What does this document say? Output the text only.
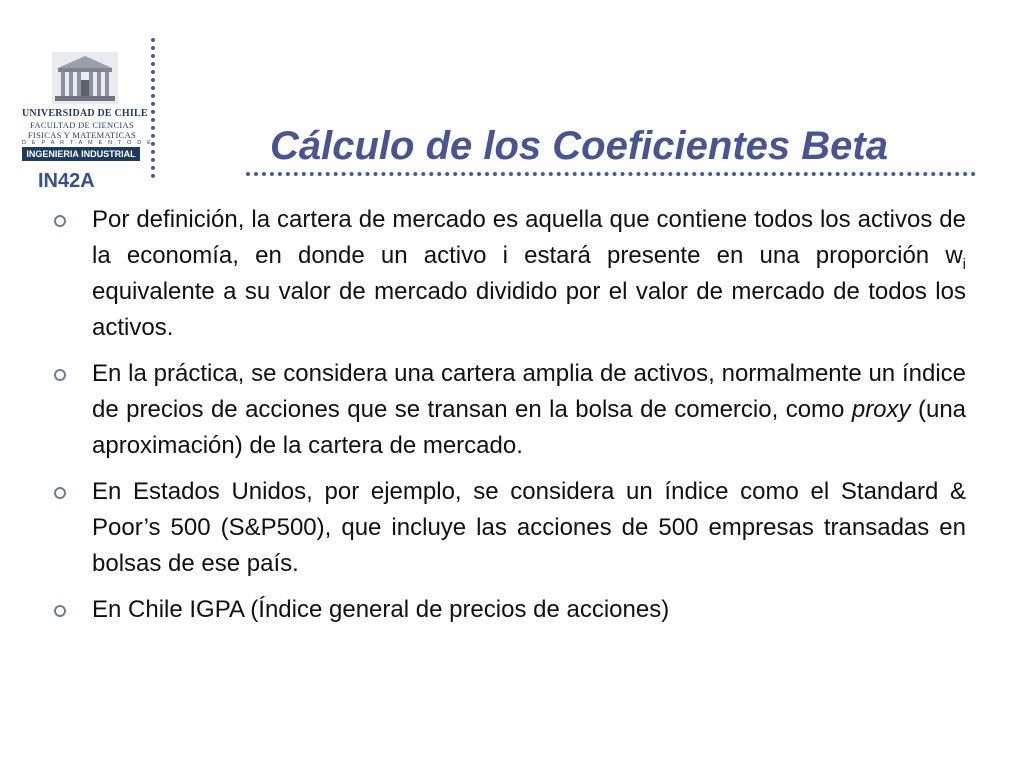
UNIVERSIDAD DE CHILE
FACULTAD DE CIENCIAS
FISICAS Y MATEMATICAS
D E P A R T A M E N T O D E
INGENIERIA INDUSTRIAL
IN42A
Cálculo de los Coeficientes Beta
Por definición, la cartera de mercado es aquella que contiene todos los activos de la economía, en donde un activo i estará presente en una proporción $w_i$ equivalente a su valor de mercado dividido por el valor de mercado de todos los activos.
En la práctica, se considera una cartera amplia de activos, normalmente un índice de precios de acciones que se transan en la bolsa de comercio, como proxy (una aproximación) de la cartera de mercado.
En Estados Unidos, por ejemplo, se considera un índice como el Standard & Poor’s 500 (S&P500), que incluye las acciones de 500 empresas transadas en bolsas de ese país.
En Chile IGPA (Índice general de precios de acciones)
